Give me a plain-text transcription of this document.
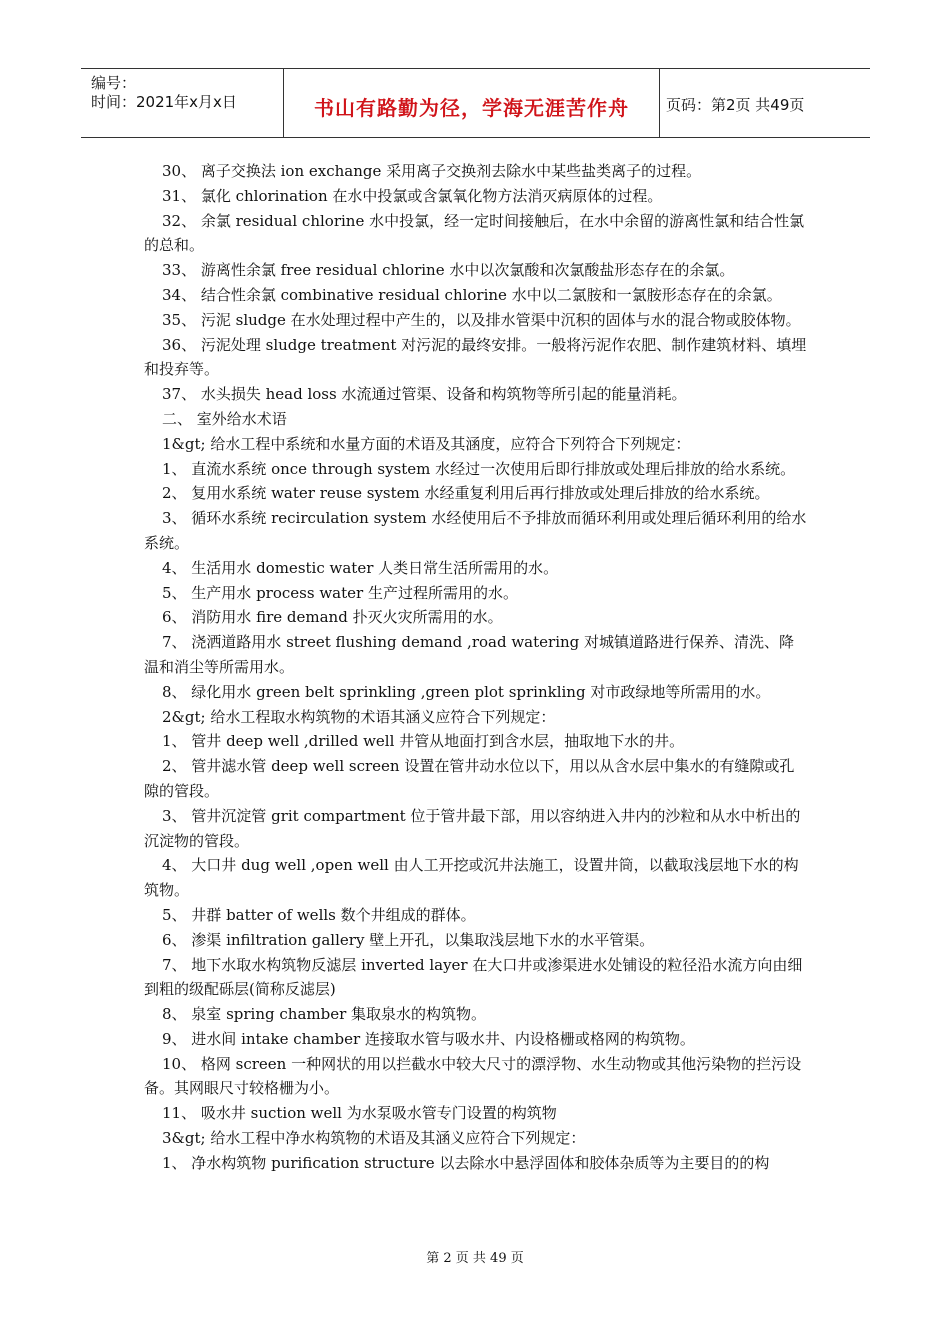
编号：
时间：2021年x月x日	书山有路勤为径，学海无涯苦作舟	页码：第2页 共49页

30、 离子交换法 ion exchange 采用离子交换剂去除水中某些盐类离子的过程。

31、 氯化 chlorination 在水中投氯或含氯氧化物方法消灭病原体的过程。

32、 余氯 residual chlorine 水中投氯，经一定时间接触后，在水中余留的游离性氯和结合性氯的总和。

33、 游离性余氯 free residual chlorine 水中以次氯酸和次氯酸盐形态存在的余氯。

34、 结合性余氯 combinative residual chlorine 水中以二氯胺和一氯胺形态存在的余氯。

35、 污泥 sludge 在水处理过程中产生的，以及排水管渠中沉积的固体与水的混合物或胶体物。

36、 污泥处理 sludge treatment 对污泥的最终安排。一般将污泥作农肥、制作建筑材料、填埋和投弃等。

37、 水头损失 head loss 水流通过管渠、设备和构筑物等所引起的能量消耗。

二、 室外给水术语

1&gt; 给水工程中系统和水量方面的术语及其涵度，应符合下列符合下列规定：

1、 直流水系统 once through system 水经过一次使用后即行排放或处理后排放的给水系统。

2、 复用水系统 water reuse system 水经重复利用后再行排放或处理后排放的给水系统。

3、 循环水系统 recirculation system 水经使用后不予排放而循环利用或处理后循环利用的给水系统。

4、 生活用水 domestic water 人类日常生活所需用的水。

5、 生产用水 process water 生产过程所需用的水。

6、 消防用水 fire demand 扑灭火灾所需用的水。

7、 浇洒道路用水 street flushing demand ,road watering 对城镇道路进行保养、清洗、降温和消尘等所需用水。

8、 绿化用水 green belt sprinkling ,green plot sprinkling 对市政绿地等所需用的水。

2&gt; 给水工程取水构筑物的术语其涵义应符合下列规定：

1、 管井 deep well ,drilled well 井管从地面打到含水层，抽取地下水的井。

2、 管井滤水管 deep well screen 设置在管井动水位以下，用以从含水层中集水的有缝隙或孔隙的管段。

3、 管井沉淀管 grit compartment 位于管井最下部，用以容纳进入井内的沙粒和从水中析出的沉淀物的管段。

4、 大口井 dug well ,open well 由人工开挖或沉井法施工，设置井筒，以截取浅层地下水的构筑物。

5、 井群 batter of wells 数个井组成的群体。

6、 渗渠 infiltration gallery 壁上开孔，以集取浅层地下水的水平管渠。

7、 地下水取水构筑物反滤层 inverted layer 在大口井或渗渠进水处铺设的粒径沿水流方向由细到粗的级配砾层(简称反滤层)

8、 泉室 spring chamber 集取泉水的构筑物。

9、 进水间 intake chamber 连接取水管与吸水井、内设格栅或格网的构筑物。

10、 格网 screen 一种网状的用以拦截水中较大尺寸的漂浮物、水生动物或其他污染物的拦污设备。其网眼尺寸较格栅为小。

11、 吸水井 suction well 为水泵吸水管专门设置的构筑物

3&gt; 给水工程中净水构筑物的术语及其涵义应符合下列规定：

1、 净水构筑物 purification structure 以去除水中悬浮固体和胶体杂质等为主要目的的构

第 2 页 共 49 页
